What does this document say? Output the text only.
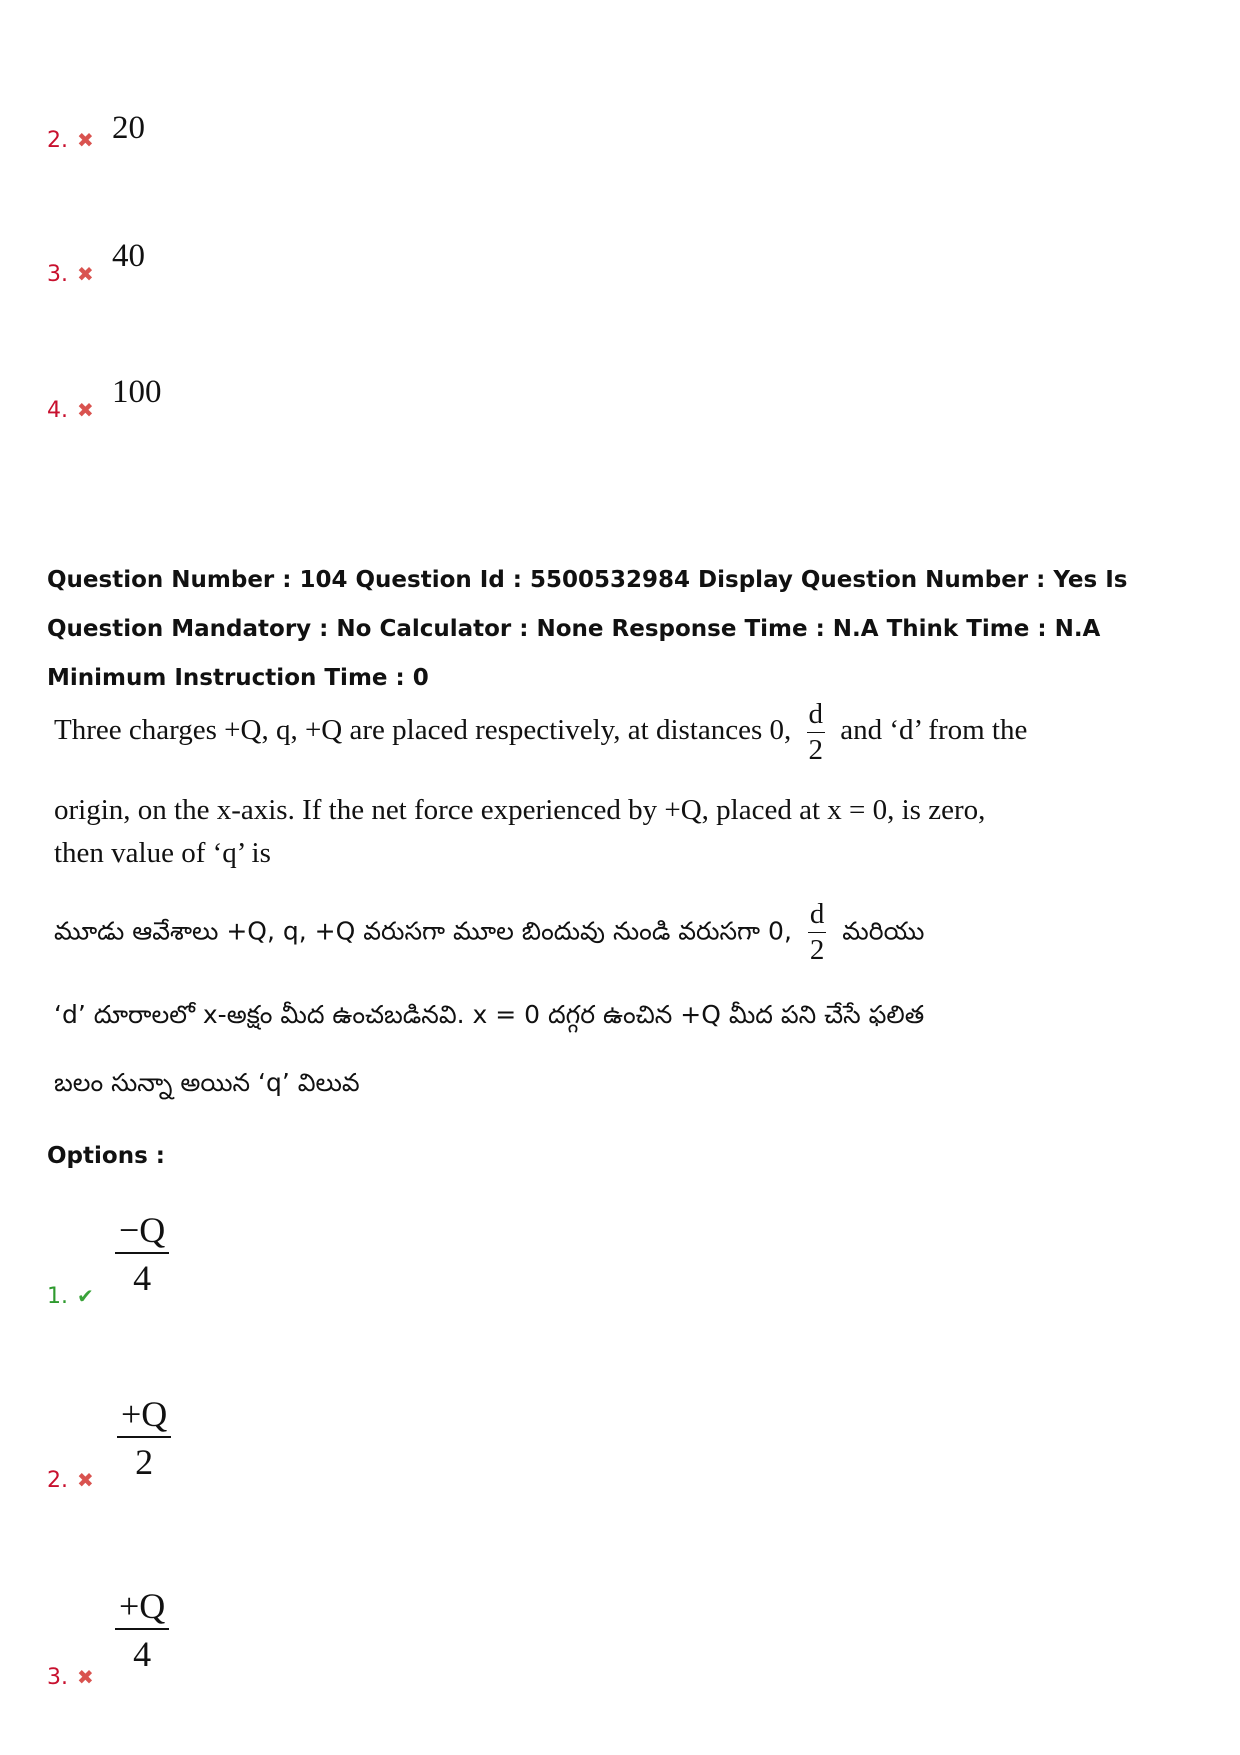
2. ✖ 20
3. ✖ 40
4. ✖ 100
Question Number : 104 Question Id : 5500532984 Display Question Number : Yes Is Question Mandatory : No Calculator : None Response Time : N.A Think Time : N.A Minimum Instruction Time : 0
Three charges +Q, q, +Q are placed respectively, at distances 0, $\frac{d}{2}$ and ‘d’ from the
origin, on the x-axis. If the net force experienced by +Q, placed at x = 0, is zero,
then value of ‘q’ is
మూడు ఆవేశాలు +Q, q, +Q వరుసగా మూల బిందువు నుండి వరుసగా 0, $\frac{d}{2}$ మరియు
‘d’ దూరాలలో x-అక్షం మీద ఉంచబడినవి. x = 0 దగ్గర ఉంచిన +Q మీద పని చేసే ఫలిత
బలం సున్నా అయిన ‘q’ విలువ
Options :
1. ✔
−Q
4
2. ✖
+Q
2
3. ✖
+Q
4
